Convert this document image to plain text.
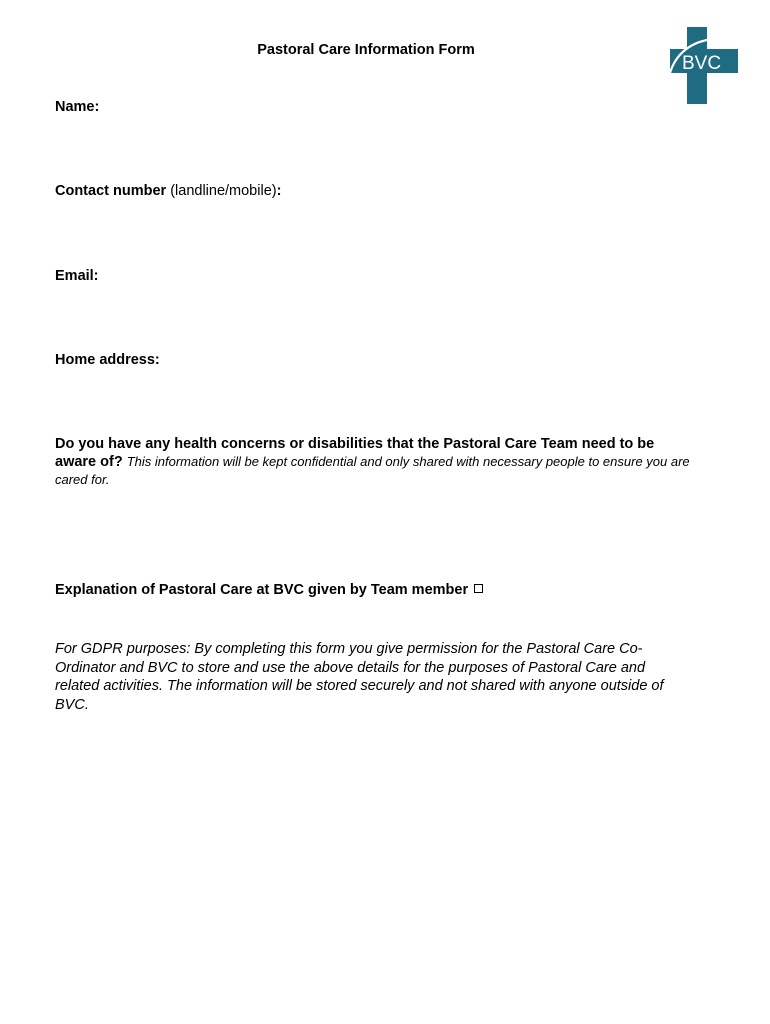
Pastoral Care Information Form
BVC
Name:
Contact number (landline/mobile):
Email:
Home address:
Do you have any health concerns or disabilities that the Pastoral Care Team need to be aware of? This information will be kept confidential and only shared with necessary people to ensure you are cared for.
Explanation of Pastoral Care at BVC given by Team member
For GDPR purposes: By completing this form you give permission for the Pastoral Care Co-Ordinator and BVC to store and use the above details for the purposes of Pastoral Care and related activities. The information will be stored securely and not shared with anyone outside of BVC.
